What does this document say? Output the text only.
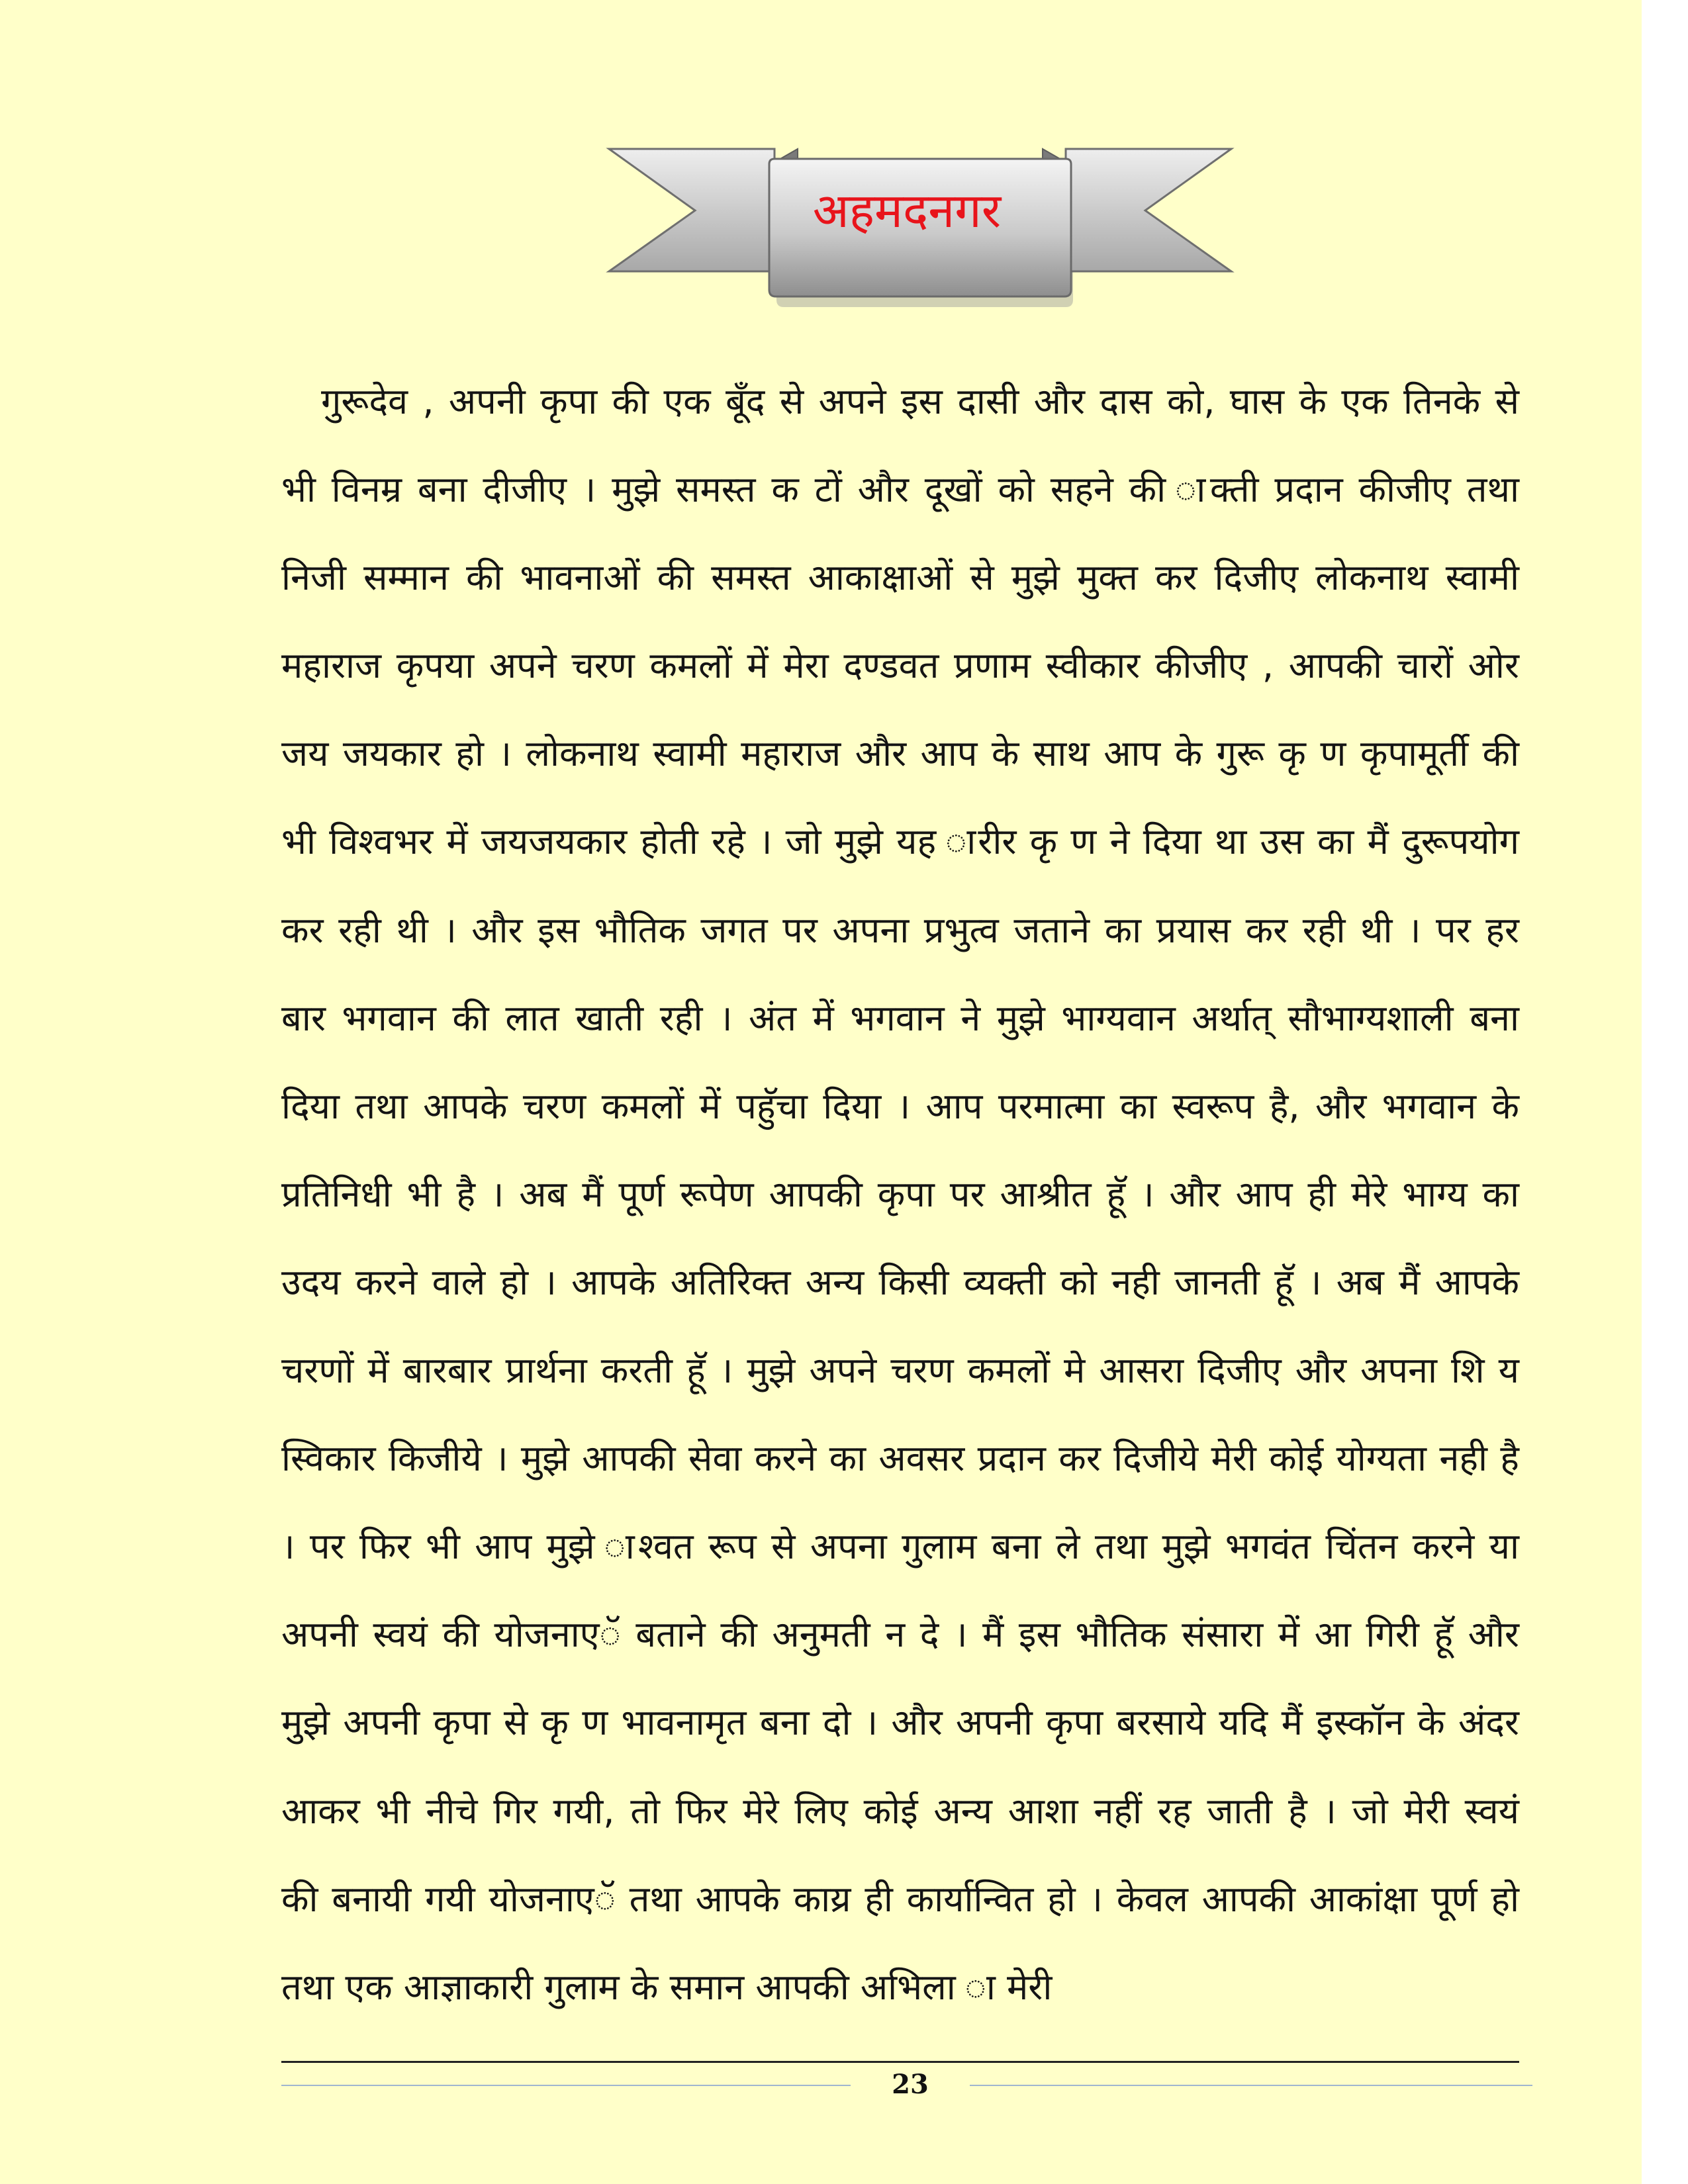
अहमदनगर
गुरूदेव , अपनी कृपा की एक बूँद से अपने इस दासी और दास को, घास के एक तिनके से
भी विनम्र बना दीजीए । मुझे समस्त क टों और दूखों को सहने की ाक्ती प्रदान कीजीए तथा
निजी सम्मान की भावनाओं की समस्त आकाक्षाओं से मुझे मुक्त कर दिजीए लोकनाथ स्वामी
महाराज कृपया अपने चरण कमलों में मेरा दण्डवत प्रणाम स्वीकार कीजीए , आपकी चारों ओर
जय जयकार हो । लोकनाथ स्वामी महाराज और आप के साथ आप के गुरू कृ ण कृपामूर्ती की
भी विश्वभर में जयजयकार होती रहे । जो मुझे यह ारीर कृ ण ने दिया था उस का मैं दुरूपयोग
कर रही थी । और इस भौतिक जगत पर अपना प्रभुत्व जताने का प्रयास कर रही थी । पर हर
बार भगवान की लात खाती रही । अंत में भगवान ने मुझे भाग्यवान अर्थात् सौभाग्यशाली बना
दिया तथा आपके चरण कमलों में पहुॅचा दिया । आप परमात्मा का स्वरूप है, और भगवान के
प्रतिनिधी भी है । अब मैं पूर्ण रूपेण आपकी कृपा पर आश्रीत हूॅ । और आप ही मेरे भाग्य का
उदय करने वाले हो । आपके अतिरिक्त अन्य किसी व्यक्ती को नही जानती हूॅ । अब मैं आपके
चरणों में बारबार प्रार्थना करती हूॅ । मुझे अपने चरण कमलों मे आसरा दिजीए और अपना शि य
स्विकार किजीये । मुझे आपकी सेवा करने का अवसर प्रदान कर दिजीये मेरी कोई योग्यता नही है
। पर फिर भी आप मुझे ाश्वत रूप से अपना गुलाम बना ले तथा मुझे भगवंत चिंतन करने या
अपनी स्वयं की योजनाएॅ बताने की अनुमती न दे । मैं इस भौतिक संसारा में आ गिरी हूॅ और
मुझे अपनी कृपा से कृ ण भावनामृत बना दो । और अपनी कृपा बरसाये यदि मैं इस्कॉन के अंदर
आकर भी नीचे गिर गयी, तो फिर मेरे लिए कोई अन्य आशा नहीं रह जाती है । जो मेरी स्वयं
की बनायी गयी योजनाएॅ तथा आपके काय्र ही कार्यान्वित हो । केवल आपकी आकांक्षा पूर्ण हो
तथा एक आज्ञाकारी गुलाम के समान आपकी अभिला ा मेरी
23
